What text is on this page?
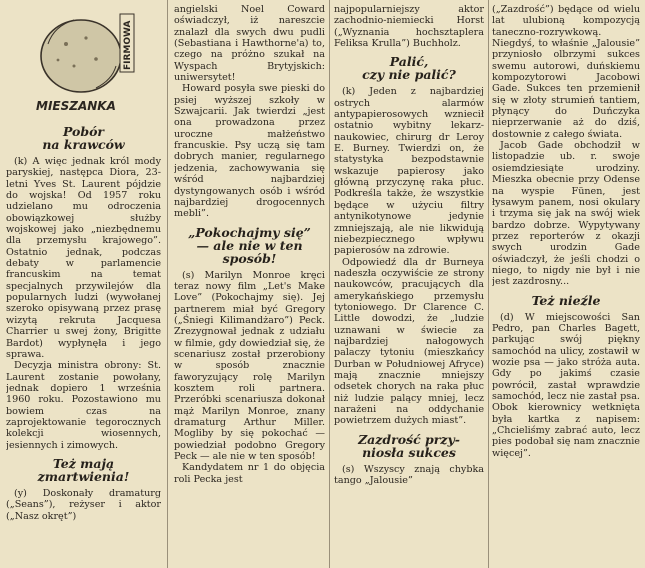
FIRMOWA
MIESZANKA
Pobór
na krawców

(k) A więc jednak król mody paryskiej, następca Diora, 23-letni Yves St. Laurent pójdzie do wojska! Od 1957 roku udzielano mu odroczenia obowiązkowej służby wojskowej jako „niezbędnemu dla przemysłu krajowego”. Ostatnio jednak, podczas debaty w parlamencie francuskim na temat specjalnych przywilejów dla popularnych ludzi (wywołanej szeroko opisywaną przez prasę wizytą rekruta Jacquesa Charrier u swej żony, Brigitte Bardot) wypłynęła i jego sprawa.

Decyzja ministra obrony: St. Laurent zostanie powołany, jednak dopiero 1 września 1960 roku. Pozostawiono mu bowiem czas na zaprojektowanie tegorocznych kolekcji wiosennych, jesiennych i zimowych.

Też mają
zmartwienia!

(y) Doskonały dramaturg („Seans”), reżyser i aktor („Nasz okręt”)

angielski Noel Coward oświadczył, iż nareszcie znalazł dla swych dwu pudli (Sebastiana i Hawthorne'a) to, czego na próżno szukał na Wyspach Brytyjskich: uniwersytet!

Howard posyła swe pieski do psiej wyższej szkoły w Szwajcarii. Jak twierdzi „jest ona prowadzona przez uroczne małżeństwo francuskie. Psy uczą się tam dobrych manier, regularnego jedzenia, zachowywania się wśród najbardziej dystyngowanych osób i wśród najbardziej drogocennych mebli”.

„Pokochajmy się”
— ale nie w ten
sposób!

(s) Marilyn Monroe kręci teraz nowy film „Let's Make Love” (Pokochajmy się). Jej partnerem miał być Gregory („Śniegi Kilimandżaro”) Peck. Zrezygnował jednak z udziału w filmie, gdy dowiedział się, że scenariusz został przerobiony w sposób znacznie faworyzujący rolę Marilyn kosztem roli partnera. Przeróbki scenariusza dokonał mąż Marilyn Monroe, znany dramaturg Arthur Miller. Mogliby by się pokochać — powiedział podobno Gregory Peck — ale nie w ten sposób!

Kandydatem nr 1 do objęcia roli Pecka jest

najpopularniejszy aktor zachodnio-niemiecki Horst („Wyznania hochsztaplera Feliksa Krulla”) Buchholz.

Palić,
czy nie palić?

(k) Jeden z najbardziej ostrych alarmów antypapierosowych wzniecił ostatnio wybitny lekarz-naukowiec, chirurg dr Leroy E. Burney. Twierdzi on, że statystyka bezpodstawnie wskazuje papierosy jako główną przyczynę raka płuc. Podkreśla także, że wszystkie będące w użyciu filtry antynikotynowe jedynie zmniejszają, ale nie likwidują niebezpiecznego wpływu papierosów na zdrowie.

Odpowiedź dla dr Burneya nadeszła oczywiście ze strony naukowców, pracujących dla amerykańskiego przemysłu tytoniowego. Dr Clarence C. Little dowodzi, że „ludzie uznawani w świecie za najbardziej nałogowych palaczy tytoniu (mieszkańcy Durban w Południowej Afryce) mają znacznie mniejszy odsetek chorych na raka płuc niż ludzie palący mniej, lecz narażeni na oddychanie powietrzem dużych miast”.

Zazdrość przy-
niosła sukces

(s) Wszyscy znają chybka tango „Jalousie”

(„Zazdrość”) będące od wielu lat ulubioną kompozycją taneczno-rozrywkową. Niegdyś, to właśnie „Jalousie” przyniosło olbrzymi sukces swemu autorowi, duńskiemu kompozytorowi Jacobowi Gade. Sukces ten przemienił się w złoty strumień tantiem, płynący do Duńczyka nieprzerwanie aż do dziś, dostownie z całego świata.

Jacob Gade obchodził w listopadzie ub. r. swoje osiemdziesiąte urodziny. Mieszka obecnie przy Odense na wyspie Fünen, jest łysawym panem, nosi okulary i trzyma się jak na swój wiek bardzo dobrze. Wypytywany przez reporterów z okazji swych urodzin Gade oświadczył, że jeśli chodzi o niego, to nigdy nie był i nie jest zazdrosny...

Też nieźle

(d) W miejscowości San Pedro, pan Charles Bagett, parkując swój piękny samochód na ulicy, zostawił w wozie psa — jako stróża auta. Gdy po jakimś czasie powrócił, zastał wprawdzie samochód, lecz nie zastał psa. Obok kierownicy wetknięta była kartka z napisem: „Chcieliśmy zabrać auto, lecz pies podobał się nam znacznie więcej”.
